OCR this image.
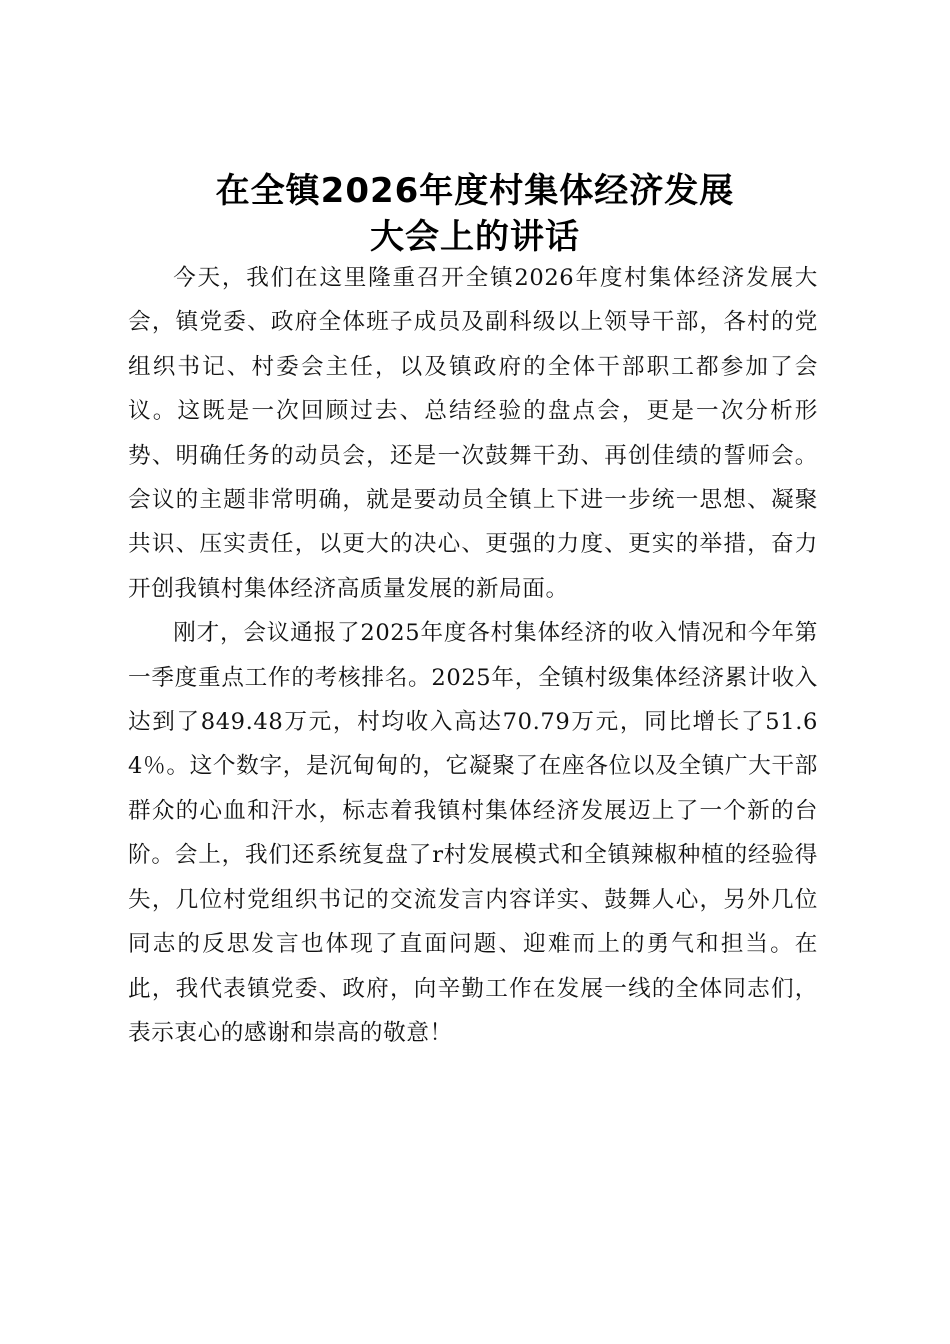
在全镇2026年度村集体经济发展
大会上的讲话

今天，我们在这里隆重召开全镇2026年度村集体经济发展大会，镇党委、政府全体班子成员及副科级以上领导干部，各村的党组织书记、村委会主任，以及镇政府的全体干部职工都参加了会议。这既是一次回顾过去、总结经验的盘点会，更是一次分析形势、明确任务的动员会，还是一次鼓舞干劲、再创佳绩的誓师会。会议的主题非常明确，就是要动员全镇上下进一步统一思想、凝聚共识、压实责任，以更大的决心、更强的力度、更实的举措，奋力开创我镇村集体经济高质量发展的新局面。

刚才，会议通报了2025年度各村集体经济的收入情况和今年第一季度重点工作的考核排名。2025年，全镇村级集体经济累计收入达到了849.48万元，村均收入高达70.79万元，同比增长了51.64％。这个数字，是沉甸甸的，它凝聚了在座各位以及全镇广大干部群众的心血和汗水，标志着我镇村集体经济发展迈上了一个新的台阶。会上，我们还系统复盘了r村发展模式和全镇辣椒种植的经验得失，几位村党组织书记的交流发言内容详实、鼓舞人心，另外几位同志的反思发言也体现了直面问题、迎难而上的勇气和担当。在此，我代表镇党委、政府，向辛勤工作在发展一线的全体同志们，表示衷心的感谢和崇高的敬意！
